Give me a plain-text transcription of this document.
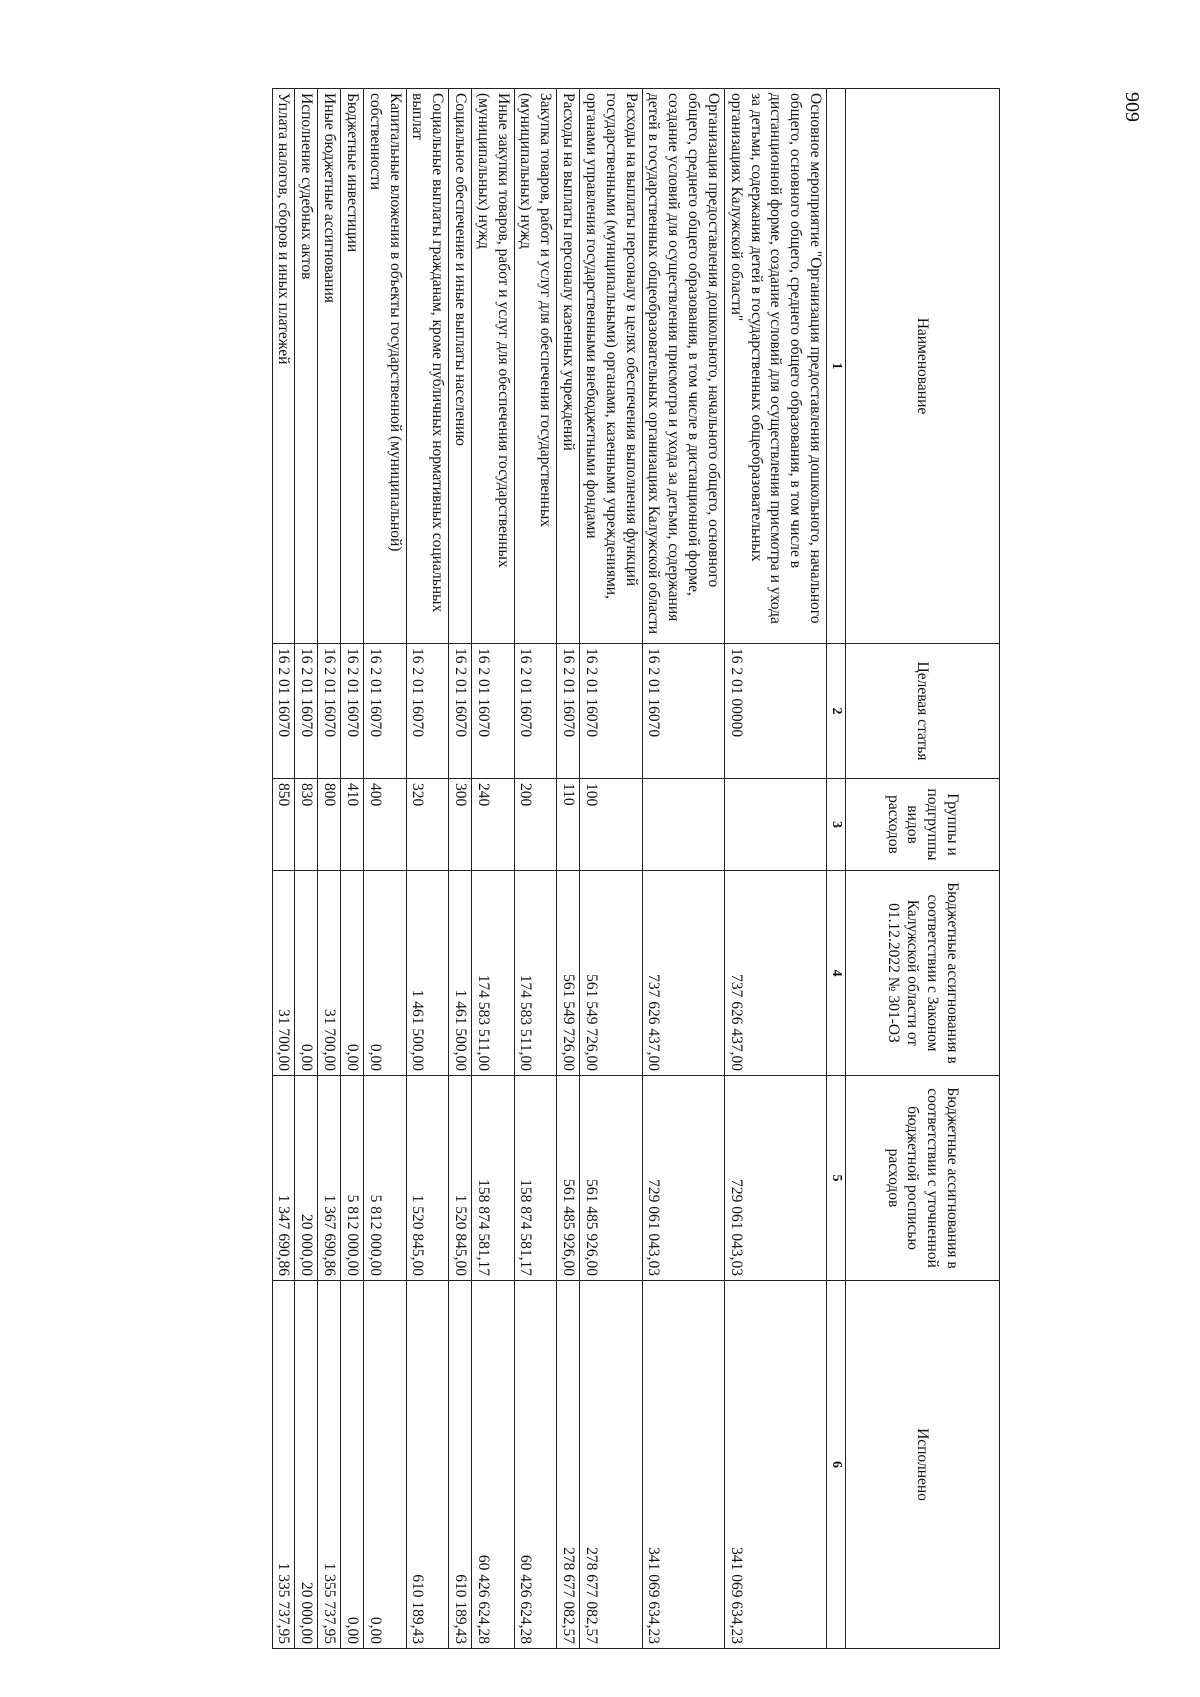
909
Наименование	Целевая статья	Группы и подгруппы видов расходов	Бюджетные ассигнования в соответствии с Законом Калужской области от 01.12.2022 № 301-ОЗ	Бюджетные ассигнования в соответствии с уточненной бюджетной росписью расходов	Исполнено
1	2	3	4	5	6
Основное мероприятие "Организация предоставления дошкольного, начального общего, основного общего, среднего общего образования, в том числе в дистанционной форме, создание условий для осуществления присмотра и ухода за детьми, содержания детей в государственных общеобразовательных организациях Калужской области"	16 2 01 00000		737 626 437,00	729 061 043,03	341 069 634,23
Организация предоставления дошкольного, начального общего, основного общего, среднего общего образования, в том числе в дистанционной форме, создание условий для осуществления присмотра и ухода за детьми, содержания детей в государственных общеобразовательных организациях Калужской области	16 2 01 16070		737 626 437,00	729 061 043,03	341 069 634,23
Расходы на выплаты персоналу в целях обеспечения выполнения функций государственными (муниципальными) органами, казенными учреждениями, органами управления государственными внебюджетными фондами	16 2 01 16070	100	561 549 726,00	561 485 926,00	278 677 082,57
Расходы на выплаты персоналу казенных учреждений	16 2 01 16070	110	561 549 726,00	561 485 926,00	278 677 082,57
Закупка товаров, работ и услуг для обеспечения государственных (муниципальных) нужд	16 2 01 16070	200	174 583 511,00	158 874 581,17	60 426 624,28
Иные закупки товаров, работ и услуг для обеспечения государственных (муниципальных) нужд	16 2 01 16070	240	174 583 511,00	158 874 581,17	60 426 624,28
Социальное обеспечение и иные выплаты населению	16 2 01 16070	300	1 461 500,00	1 520 845,00	610 189,43
Социальные выплаты гражданам, кроме публичных нормативных социальных выплат	16 2 01 16070	320	1 461 500,00	1 520 845,00	610 189,43
Капитальные вложения в объекты государственной (муниципальной) собственности	16 2 01 16070	400	0,00	5 812 000,00	0,00
Бюджетные инвестиции	16 2 01 16070	410	0,00	5 812 000,00	0,00
Иные бюджетные ассигнования	16 2 01 16070	800	31 700,00	1 367 690,86	1 355 737,95
Исполнение судебных актов	16 2 01 16070	830	0,00	20 000,00	20 000,00
Уплата налогов, сборов и иных платежей	16 2 01 16070	850	31 700,00	1 347 690,86	1 335 737,95
